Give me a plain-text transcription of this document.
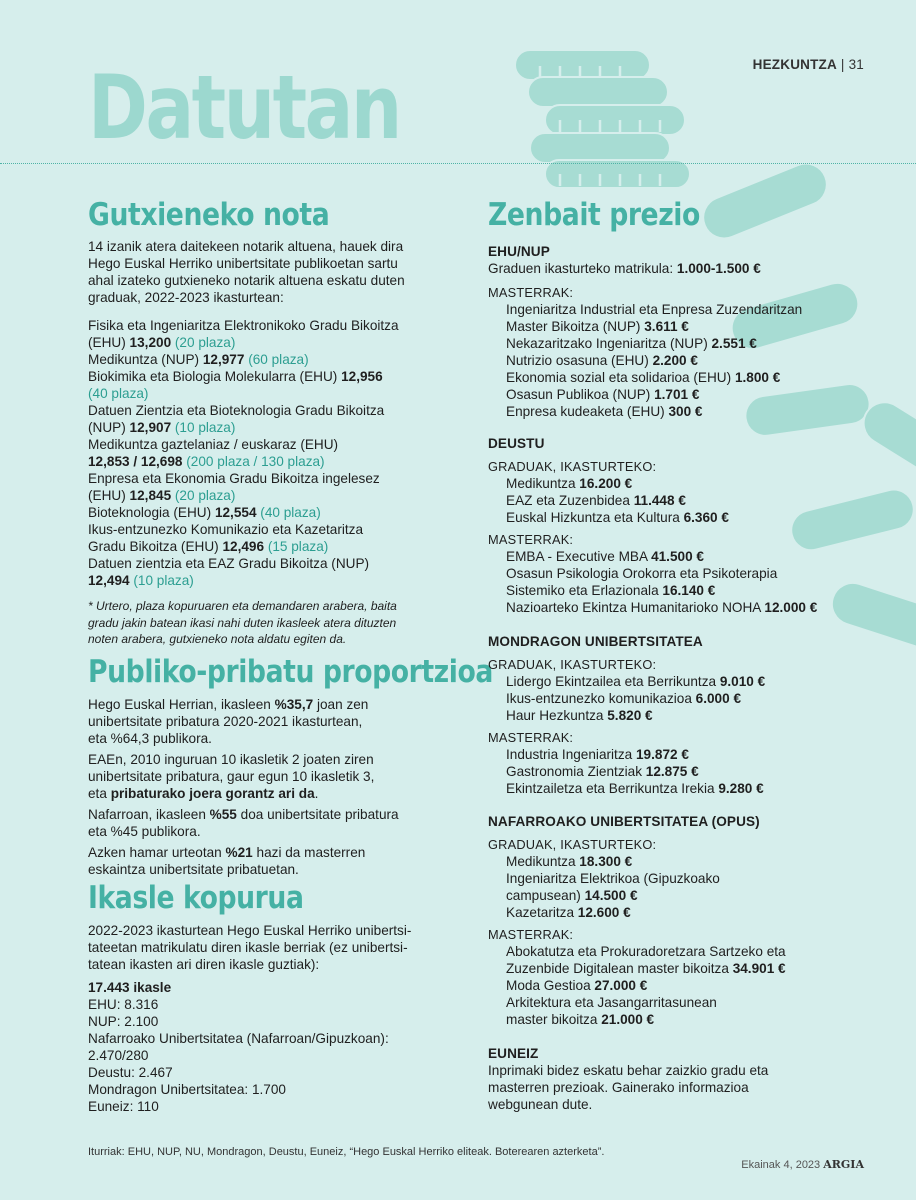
HEZKUNTZA | 31
Datutan
Gutxieneko nota

14 izanik atera daitekeen notarik altuena, hauek dira

Hego Euskal Herriko unibertsitate publikoetan sartu

ahal izateko gutxieneko notarik altuena eskatu duten

graduak, 2022-2023 ikasturtean:

Fisika eta Ingeniaritza Elektronikoko Gradu Bikoitza

(EHU) 13,200 (20 plaza)

Medikuntza (NUP) 12,977 (60 plaza)

Biokimika eta Biologia Molekularra (EHU) 12,956

(40 plaza)

Datuen Zientzia eta Bioteknologia Gradu Bikoitza

(NUP) 12,907 (10 plaza)

Medikuntza gaztelaniaz / euskaraz (EHU)

12,853 / 12,698 (200 plaza / 130 plaza)

Enpresa eta Ekonomia Gradu Bikoitza ingelesez

(EHU) 12,845 (20 plaza)

Bioteknologia (EHU) 12,554 (40 plaza)

Ikus-entzunezko Komunikazio eta Kazetaritza

Gradu Bikoitza (EHU) 12,496 (15 plaza)

Datuen zientzia eta EAZ Gradu Bikoitza (NUP)

12,494 (10 plaza)

* Urtero, plaza kopuruaren eta demandaren arabera, baita
gradu jakin batean ikasi nahi duten ikasleek atera dituzten
noten arabera, gutxieneko nota aldatu egiten da.
Publiko-pribatu proportzioa

Hego Euskal Herrian, ikasleen %35,7 joan zen

unibertsitate pribatura 2020-2021 ikasturtean,

eta %64,3 publikora.

EAEn, 2010 inguruan 10 ikasletik 2 joaten ziren

unibertsitate pribatura, gaur egun 10 ikasletik 3,

eta pribaturako joera gorantz ari da.

Nafarroan, ikasleen %55 doa unibertsitate pribatura

eta %45 publikora.

Azken hamar urteotan %21 hazi da masterren

eskaintza unibertsitate pribatuetan.

Ikasle kopurua

2022-2023 ikasturtean Hego Euskal Herriko unibertsi-

tateetan matrikulatu diren ikasle berriak (ez unibertsi-

tatean ikasten ari diren ikasle guztiak):

17.443 ikasle

EHU: 8.316

NUP: 2.100

Nafarroako Unibertsitatea (Nafarroan/Gipuzkoan):

2.470/280

Deustu: 2.467

Mondragon Unibertsitatea: 1.700

Euneiz: 110

Zenbait prezio
EHU/NUP

Graduen ikasturteko matrikula: 1.000-1.500 €

MASTERRAK:

Ingeniaritza Industrial eta Enpresa Zuzendaritzan

Master Bikoitza (NUP) 3.611 €

Nekazaritzako Ingeniaritza (NUP) 2.551 €

Nutrizio osasuna (EHU) 2.200 €

Ekonomia sozial eta solidarioa (EHU) 1.800 €

Osasun Publikoa (NUP) 1.701 €

Enpresa kudeaketa (EHU) 300 €

DEUSTU
GRADUAK, IKASTURTEKO:

Medikuntza 16.200 €

EAZ eta Zuzenbidea 11.448 €

Euskal Hizkuntza eta Kultura 6.360 €

MASTERRAK:

EMBA - Executive MBA 41.500 €

Osasun Psikologia Orokorra eta Psikoterapia

Sistemiko eta Erlazionala 16.140 €

Nazioarteko Ekintza Humanitarioko NOHA 12.000 €

MONDRAGON UNIBERTSITATEA
GRADUAK, IKASTURTEKO:

Lidergo Ekintzailea eta Berrikuntza 9.010 €

Ikus-entzunezko komunikazioa 6.000 €

Haur Hezkuntza 5.820 €

MASTERRAK:

Industria Ingeniaritza 19.872 €

Gastronomia Zientziak 12.875 €

Ekintzailetza eta Berrikuntza Irekia 9.280 €

NAFARROAKO UNIBERTSITATEA (OPUS)
GRADUAK, IKASTURTEKO:

Medikuntza 18.300 €

Ingeniaritza Elektrikoa (Gipuzkoako

campusean) 14.500 €

Kazetaritza 12.600 €

MASTERRAK:

Abokatutza eta Prokuradoretzara Sartzeko eta

Zuzenbide Digitalean master bikoitza 34.901 €

Moda Gestioa 27.000 €

Arkitektura eta Jasangarritasunean

master bikoitza 21.000 €

EUNEIZ

Inprimaki bidez eskatu behar zaizkio gradu eta

masterren prezioak. Gainerako informazioa

webgunean dute.

Iturriak: EHU, NUP, NU, Mondragon, Deustu, Euneiz, “Hego Euskal Herriko eliteak. Boterearen azterketa”.
Ekainak 4, 2023 ARGIA
